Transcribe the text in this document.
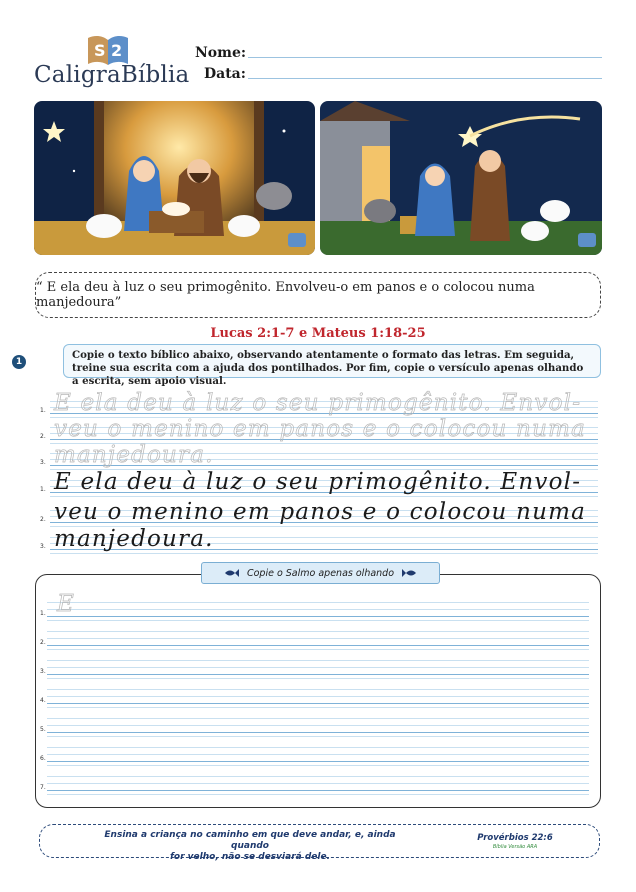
S 2
CaligraBíblia
Nome:
Data:
“ E ela deu à luz o seu primogênito. Envolveu-o em panos e o colocou numa manjedoura”
Lucas 2:1-7 e Mateus 1:18-25
1
Copie o texto bíblico abaixo, observando atentamente o formato das letras. Em seguida, treine sua escrita com a ajuda dos pontilhados. Por fim, copie o versículo apenas olhando a escrita, sem apoio visual.
1. E ela deu à luz o seu primogênito. Envol-
2. veu o menino em panos e o colocou numa
3. manjedoura.
1. E ela deu à luz o seu primogênito. Envol-
2. veu o menino em panos e o colocou numa
3. manjedoura.
1. E
2.
3.
4.
5.
6.
7.
Copie o Salmo apenas olhando
Ensina a criança no caminho em que deve andar, e, ainda quando
for velho, não se desviará dele.
Provérbios 22:6
Bíblia Versão ARA
